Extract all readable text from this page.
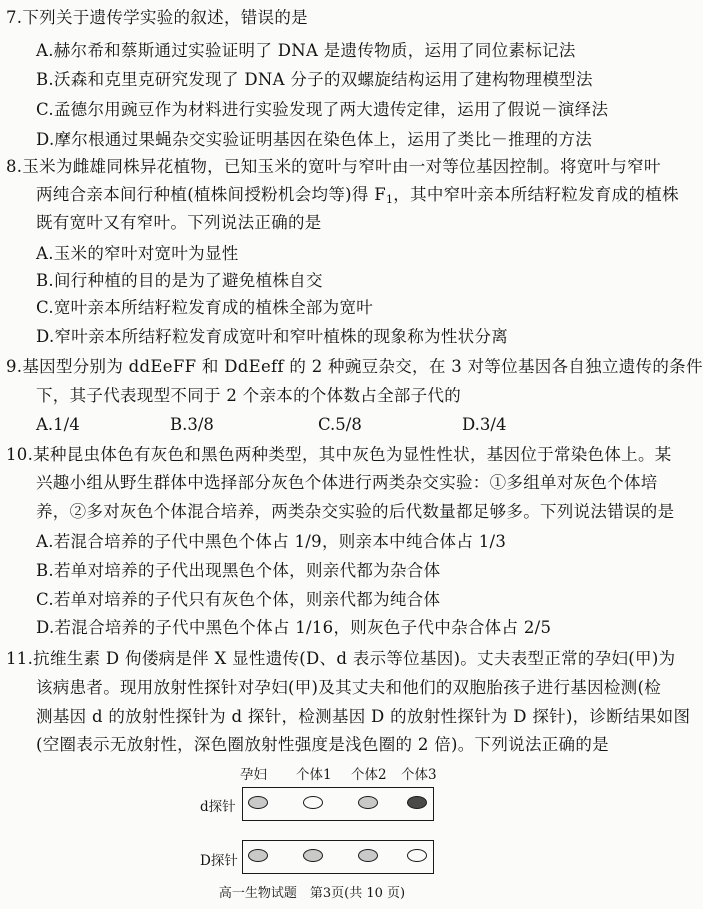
7.下列关于遗传学实验的叙述，错误的是
A.赫尔希和蔡斯通过实验证明了 DNA 是遗传物质，运用了同位素标记法
B.沃森和克里克研究发现了 DNA 分子的双螺旋结构运用了建构物理模型法
C.孟德尔用豌豆作为材料进行实验发现了两大遗传定律，运用了假说－演绎法
D.摩尔根通过果蝇杂交实验证明基因在染色体上，运用了类比－推理的方法
8.玉米为雌雄同株异花植物，已知玉米的宽叶与窄叶由一对等位基因控制。将宽叶与窄叶
两纯合亲本间行种植(植株间授粉机会均等)得 $F_1$，其中窄叶亲本所结籽粒发育成的植株
既有宽叶又有窄叶。下列说法正确的是
A.玉米的窄叶对宽叶为显性
B.间行种植的目的是为了避免植株自交
C.宽叶亲本所结籽粒发育成的植株全部为宽叶
D.窄叶亲本所结籽粒发育成宽叶和窄叶植株的现象称为性状分离
9.基因型分别为 ddEeFF 和 DdEeff 的 2 种豌豆杂交，在 3 对等位基因各自独立遗传的条件
下，其子代表现型不同于 2 个亲本的个体数占全部子代的
A.1/4	B.3/8	C.5/8	D.3/4
10.某种昆虫体色有灰色和黑色两种类型，其中灰色为显性性状，基因位于常染色体上。某
兴趣小组从野生群体中选择部分灰色个体进行两类杂交实验：①多组单对灰色个体培
养，②多对灰色个体混合培养，两类杂交实验的后代数量都足够多。下列说法错误的是
A.若混合培养的子代中黑色个体占 1/9，则亲本中纯合体占 1/3
B.若单对培养的子代出现黑色个体，则亲代都为杂合体
C.若单对培养的子代只有灰色个体，则亲代都为纯合体
D.若混合培养的子代中黑色个体占 1/16，则灰色子代中杂合体占 2/5
11.抗维生素 D 佝偻病是伴 X 显性遗传(D、d 表示等位基因)。丈夫表型正常的孕妇(甲)为
该病患者。现用放射性探针对孕妇(甲)及其丈夫和他们的双胞胎孩子进行基因检测(检
测基因 d 的放射性探针为 d 探针，检测基因 D 的放射性探针为 D 探针)，诊断结果如图
(空圈表示无放射性，深色圈放射性强度是浅色圈的 2 倍)。下列说法正确的是
孕妇 个体1 个体2 个体3
d探针
D探针
高一生物试题　第3页(共 10 页)
